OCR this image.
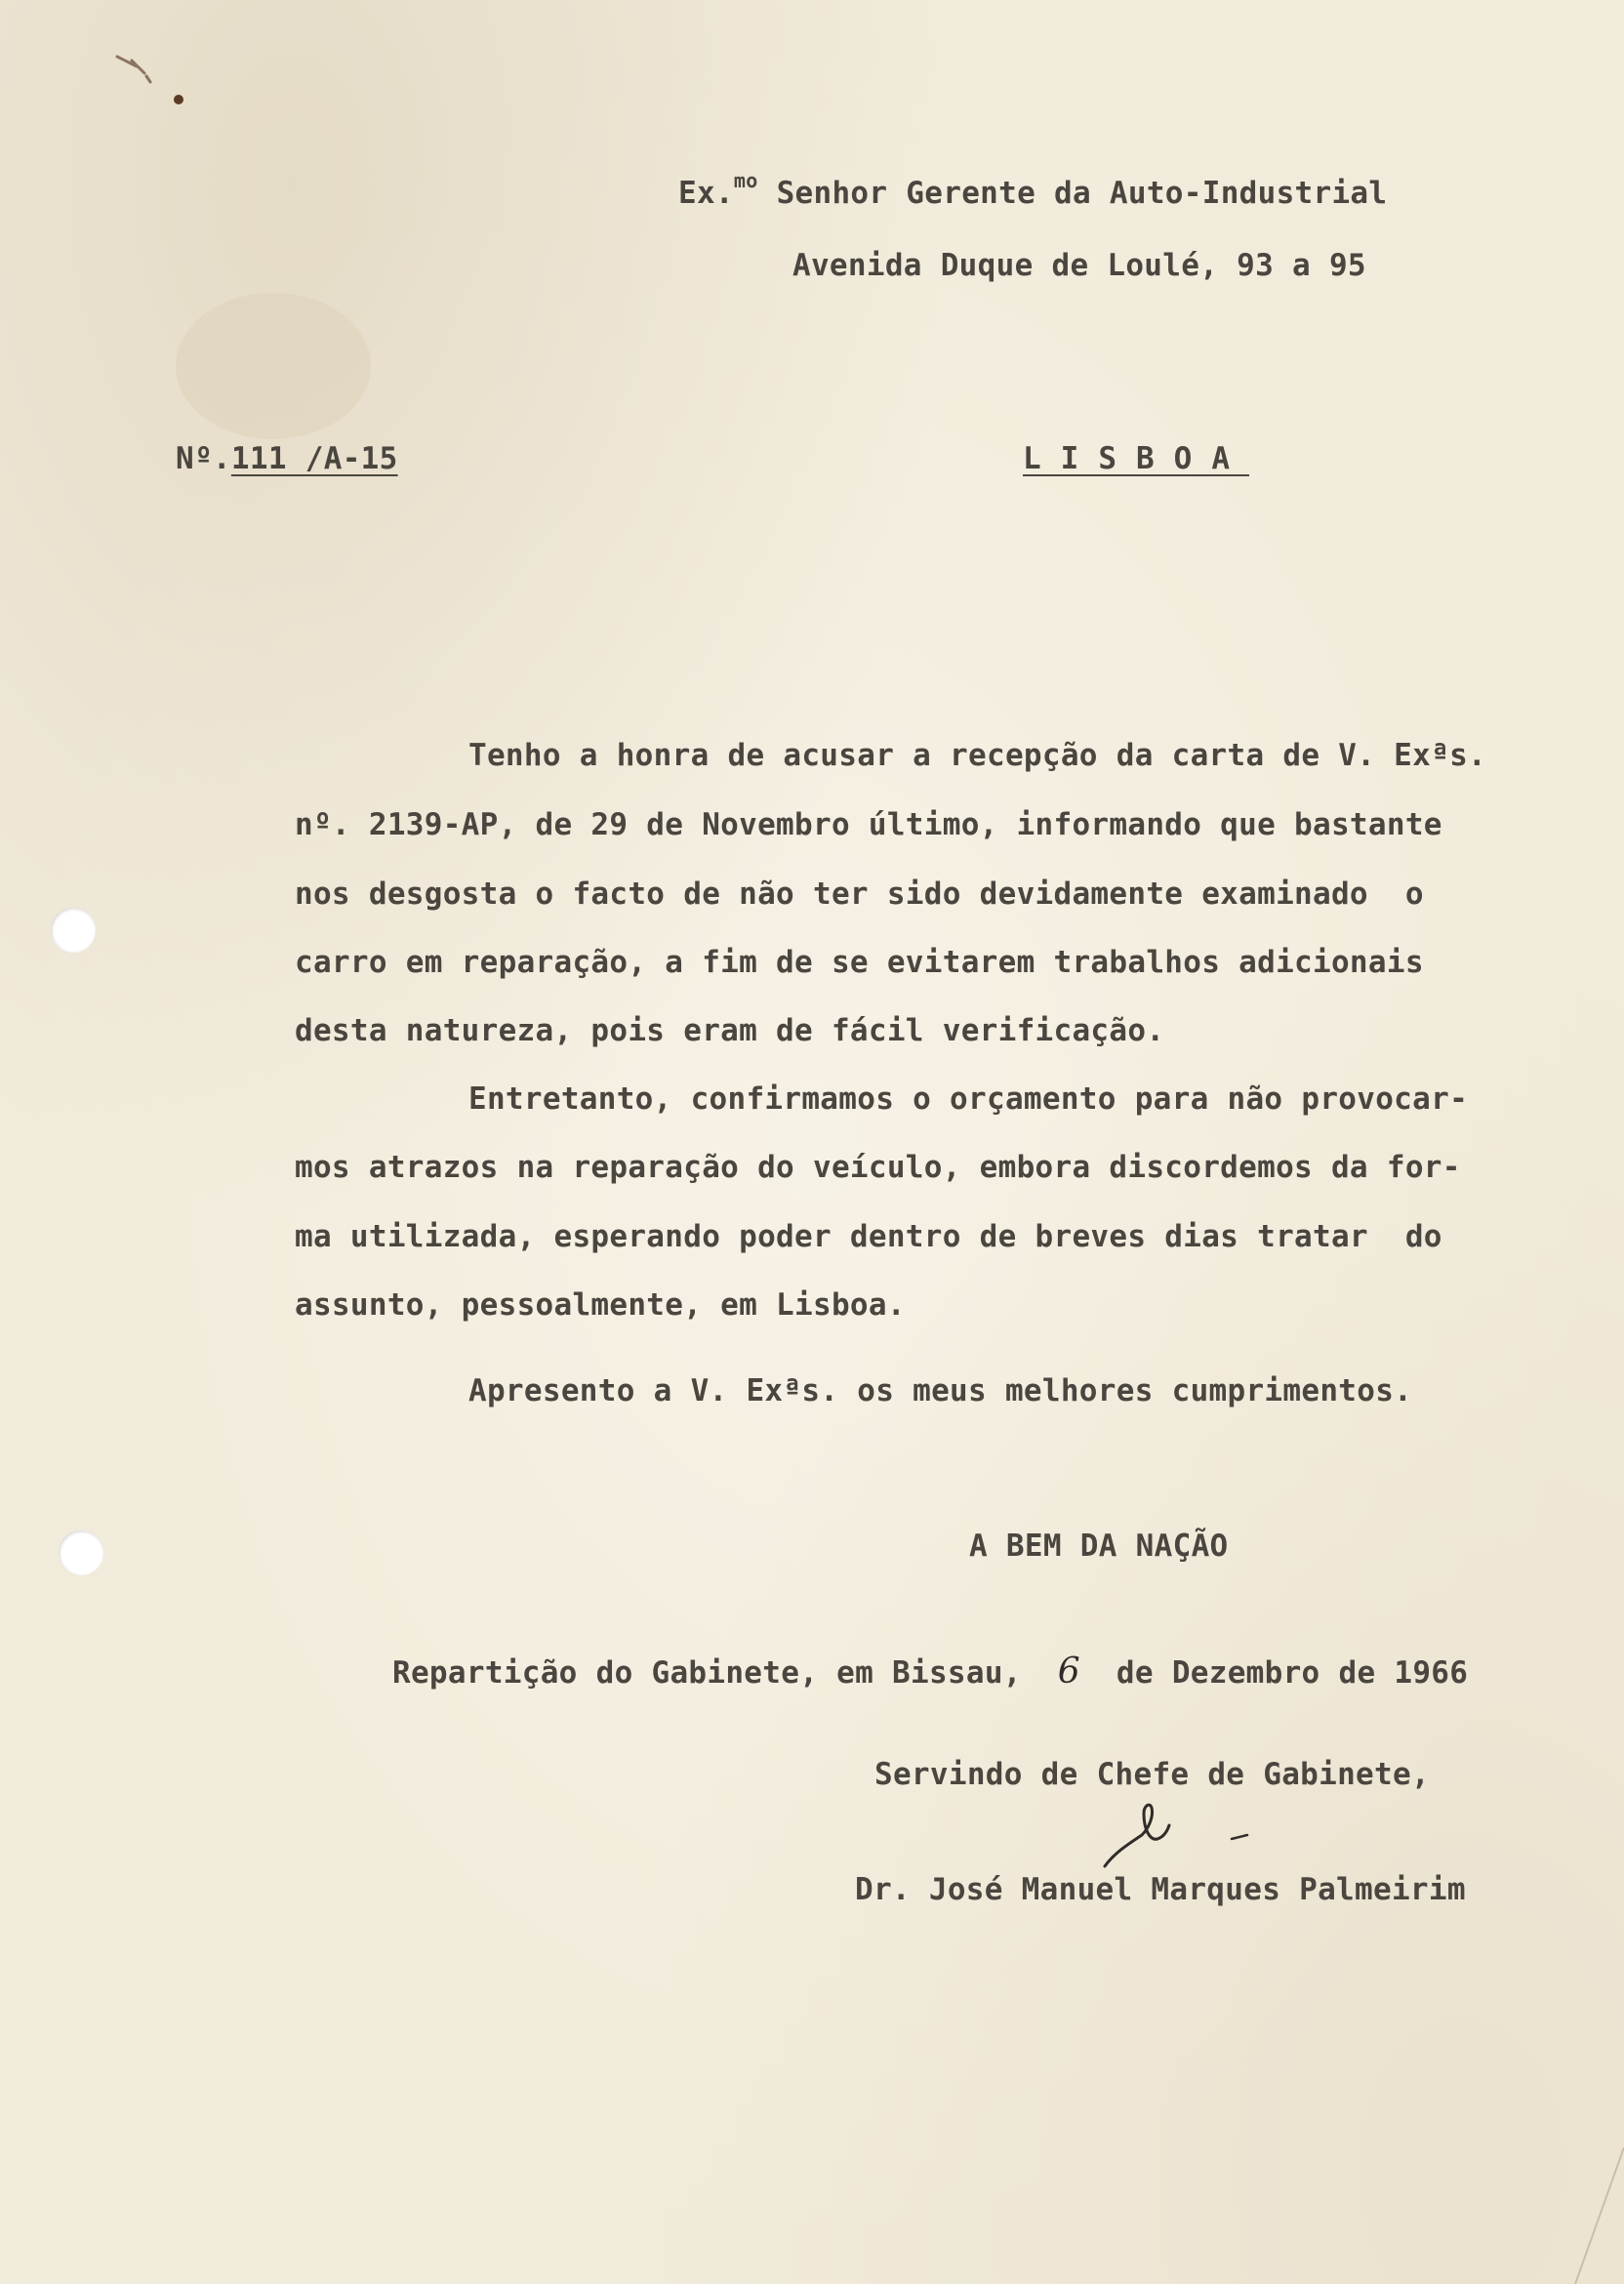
Ex.$^{mo}$ Senhor Gerente da Auto-Industrial
Avenida Duque de Loulé, 93 a 95
Nº.111 /A-15	LISBOA
Tenho a honra de acusar a recepção da carta de V. Exªs.
nº. 2139-AP, de 29 de Novembro último, informando que bastante
nos desgosta o facto de não ter sido devidamente examinado  o
carro em reparação, a fim de se evitarem trabalhos adicionais
desta natureza, pois eram de fácil verificação.
Entretanto, confirmamos o orçamento para não provocar-
mos atrazos na reparação do veículo, embora discordemos da for-
ma utilizada, esperando poder dentro de breves dias tratar  do
assunto, pessoalmente, em Lisboa.
Apresento a V. Exªs. os meus melhores cumprimentos.
A BEM DA NAÇÃO
Repartição do Gabinete, em Bissau, 6 de Dezembro de 1966
Servindo de Chefe de Gabinete,
Dr. José Manuel Marques Palmeirim
